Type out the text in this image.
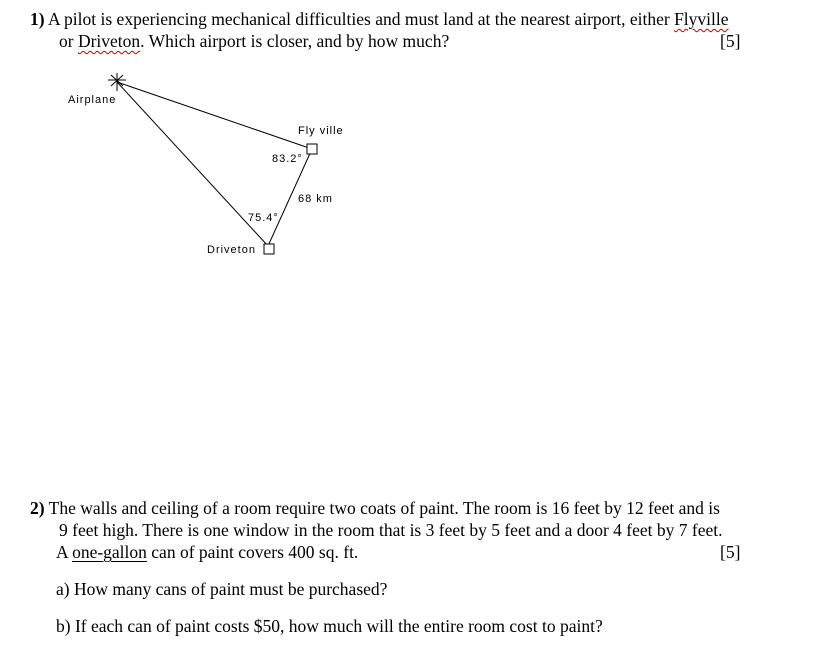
1) A pilot is experiencing mechanical difficulties and must land at the nearest airport, either Flyville
or Driveton. Which airport is closer, and by how much?	[5]
Airplane
Fly ville
83.2°
68 km
75.4°
Driveton
2) The walls and ceiling of a room require two coats of paint. The room is 16 feet by 12 feet and is
9 feet high. There is one window in the room that is 3 feet by 5 feet and a door 4 feet by 7 feet.
A one-gallon can of paint covers 400 sq. ft.	[5]
a) How many cans of paint must be purchased?
b) If each can of paint costs $50, how much will the entire room cost to paint?
